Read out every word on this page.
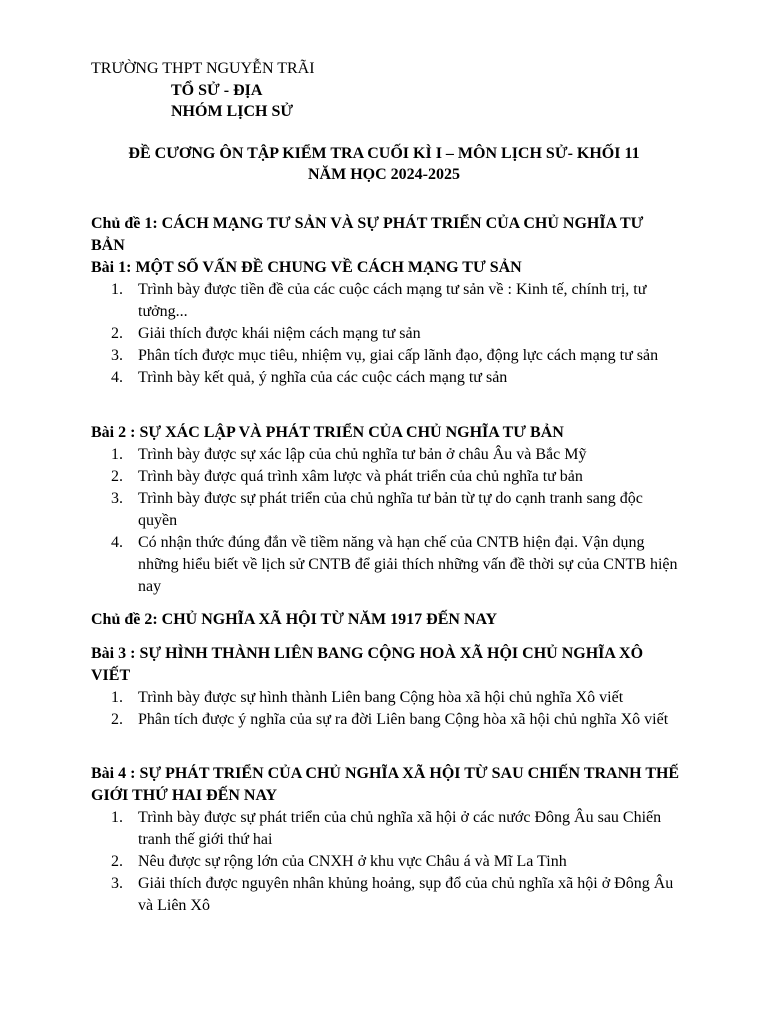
TRƯỜNG THPT NGUYỄN TRÃI
TỔ SỬ - ĐỊA
NHÓM LỊCH SỬ
ĐỀ CƯƠNG ÔN TẬP KIỂM TRA CUỐI KÌ I – MÔN LỊCH SỬ- KHỐI 11
NĂM HỌC 2024-2025

Chủ đề 1: CÁCH MẠNG TƯ SẢN VÀ SỰ PHÁT TRIỂN CỦA CHỦ NGHĨA TƯ BẢN

Bài 1: MỘT SỐ VẤN ĐỀ CHUNG VỀ CÁCH MẠNG TƯ SẢN

1. Trình bày được tiền đề của các cuộc cách mạng tư sản về : Kinh tế, chính trị, tư tưởng...
2. Giải thích được khái niệm cách mạng tư sản
3. Phân tích được mục tiêu, nhiệm vụ, giai cấp lãnh đạo, động lực cách mạng tư sản
4. Trình bày kết quả, ý nghĩa của các cuộc cách mạng tư sản

Bài 2 : SỰ XÁC LẬP VÀ PHÁT TRIỂN CỦA CHỦ NGHĨA TƯ BẢN

1. Trình bày được sự xác lập của chủ nghĩa tư bản ở châu Âu và Bắc Mỹ
2. Trình bày được quá trình xâm lược và phát triển của chủ nghĩa tư bản
3. Trình bày được sự phát triển của chủ nghĩa tư bản từ tự do cạnh tranh sang độc quyền
4. Có nhận thức đúng đắn về tiềm năng và hạn chế của CNTB hiện đại. Vận dụng những hiểu biết về lịch sử CNTB để giải thích những vấn đề thời sự của CNTB hiện nay

Chủ đề 2: CHỦ NGHĨA XÃ HỘI TỪ NĂM 1917 ĐẾN NAY

Bài 3 : SỰ HÌNH THÀNH LIÊN BANG CỘNG HOÀ XÃ HỘI CHỦ NGHĨA XÔ VIẾT

1. Trình bày được sự hình thành Liên bang Cộng hòa xã hội chủ nghĩa Xô viết
2. Phân tích được ý nghĩa của sự ra đời Liên bang Cộng hòa xã hội chủ nghĩa Xô viết

Bài 4 : SỰ PHÁT TRIỂN CỦA CHỦ NGHĨA XÃ HỘI TỪ SAU CHIẾN TRANH THẾ GIỚI THỨ HAI ĐẾN NAY

1. Trình bày được sự phát triển của chủ nghĩa xã hội ở các nước Đông Âu sau Chiến tranh thế giới thứ hai
2. Nêu được sự rộng lớn của CNXH ở khu vực Châu á và Mĩ La Tinh
3. Giải thích được nguyên nhân khủng hoảng, sụp đổ của chủ nghĩa xã hội ở Đông Âu và Liên Xô
